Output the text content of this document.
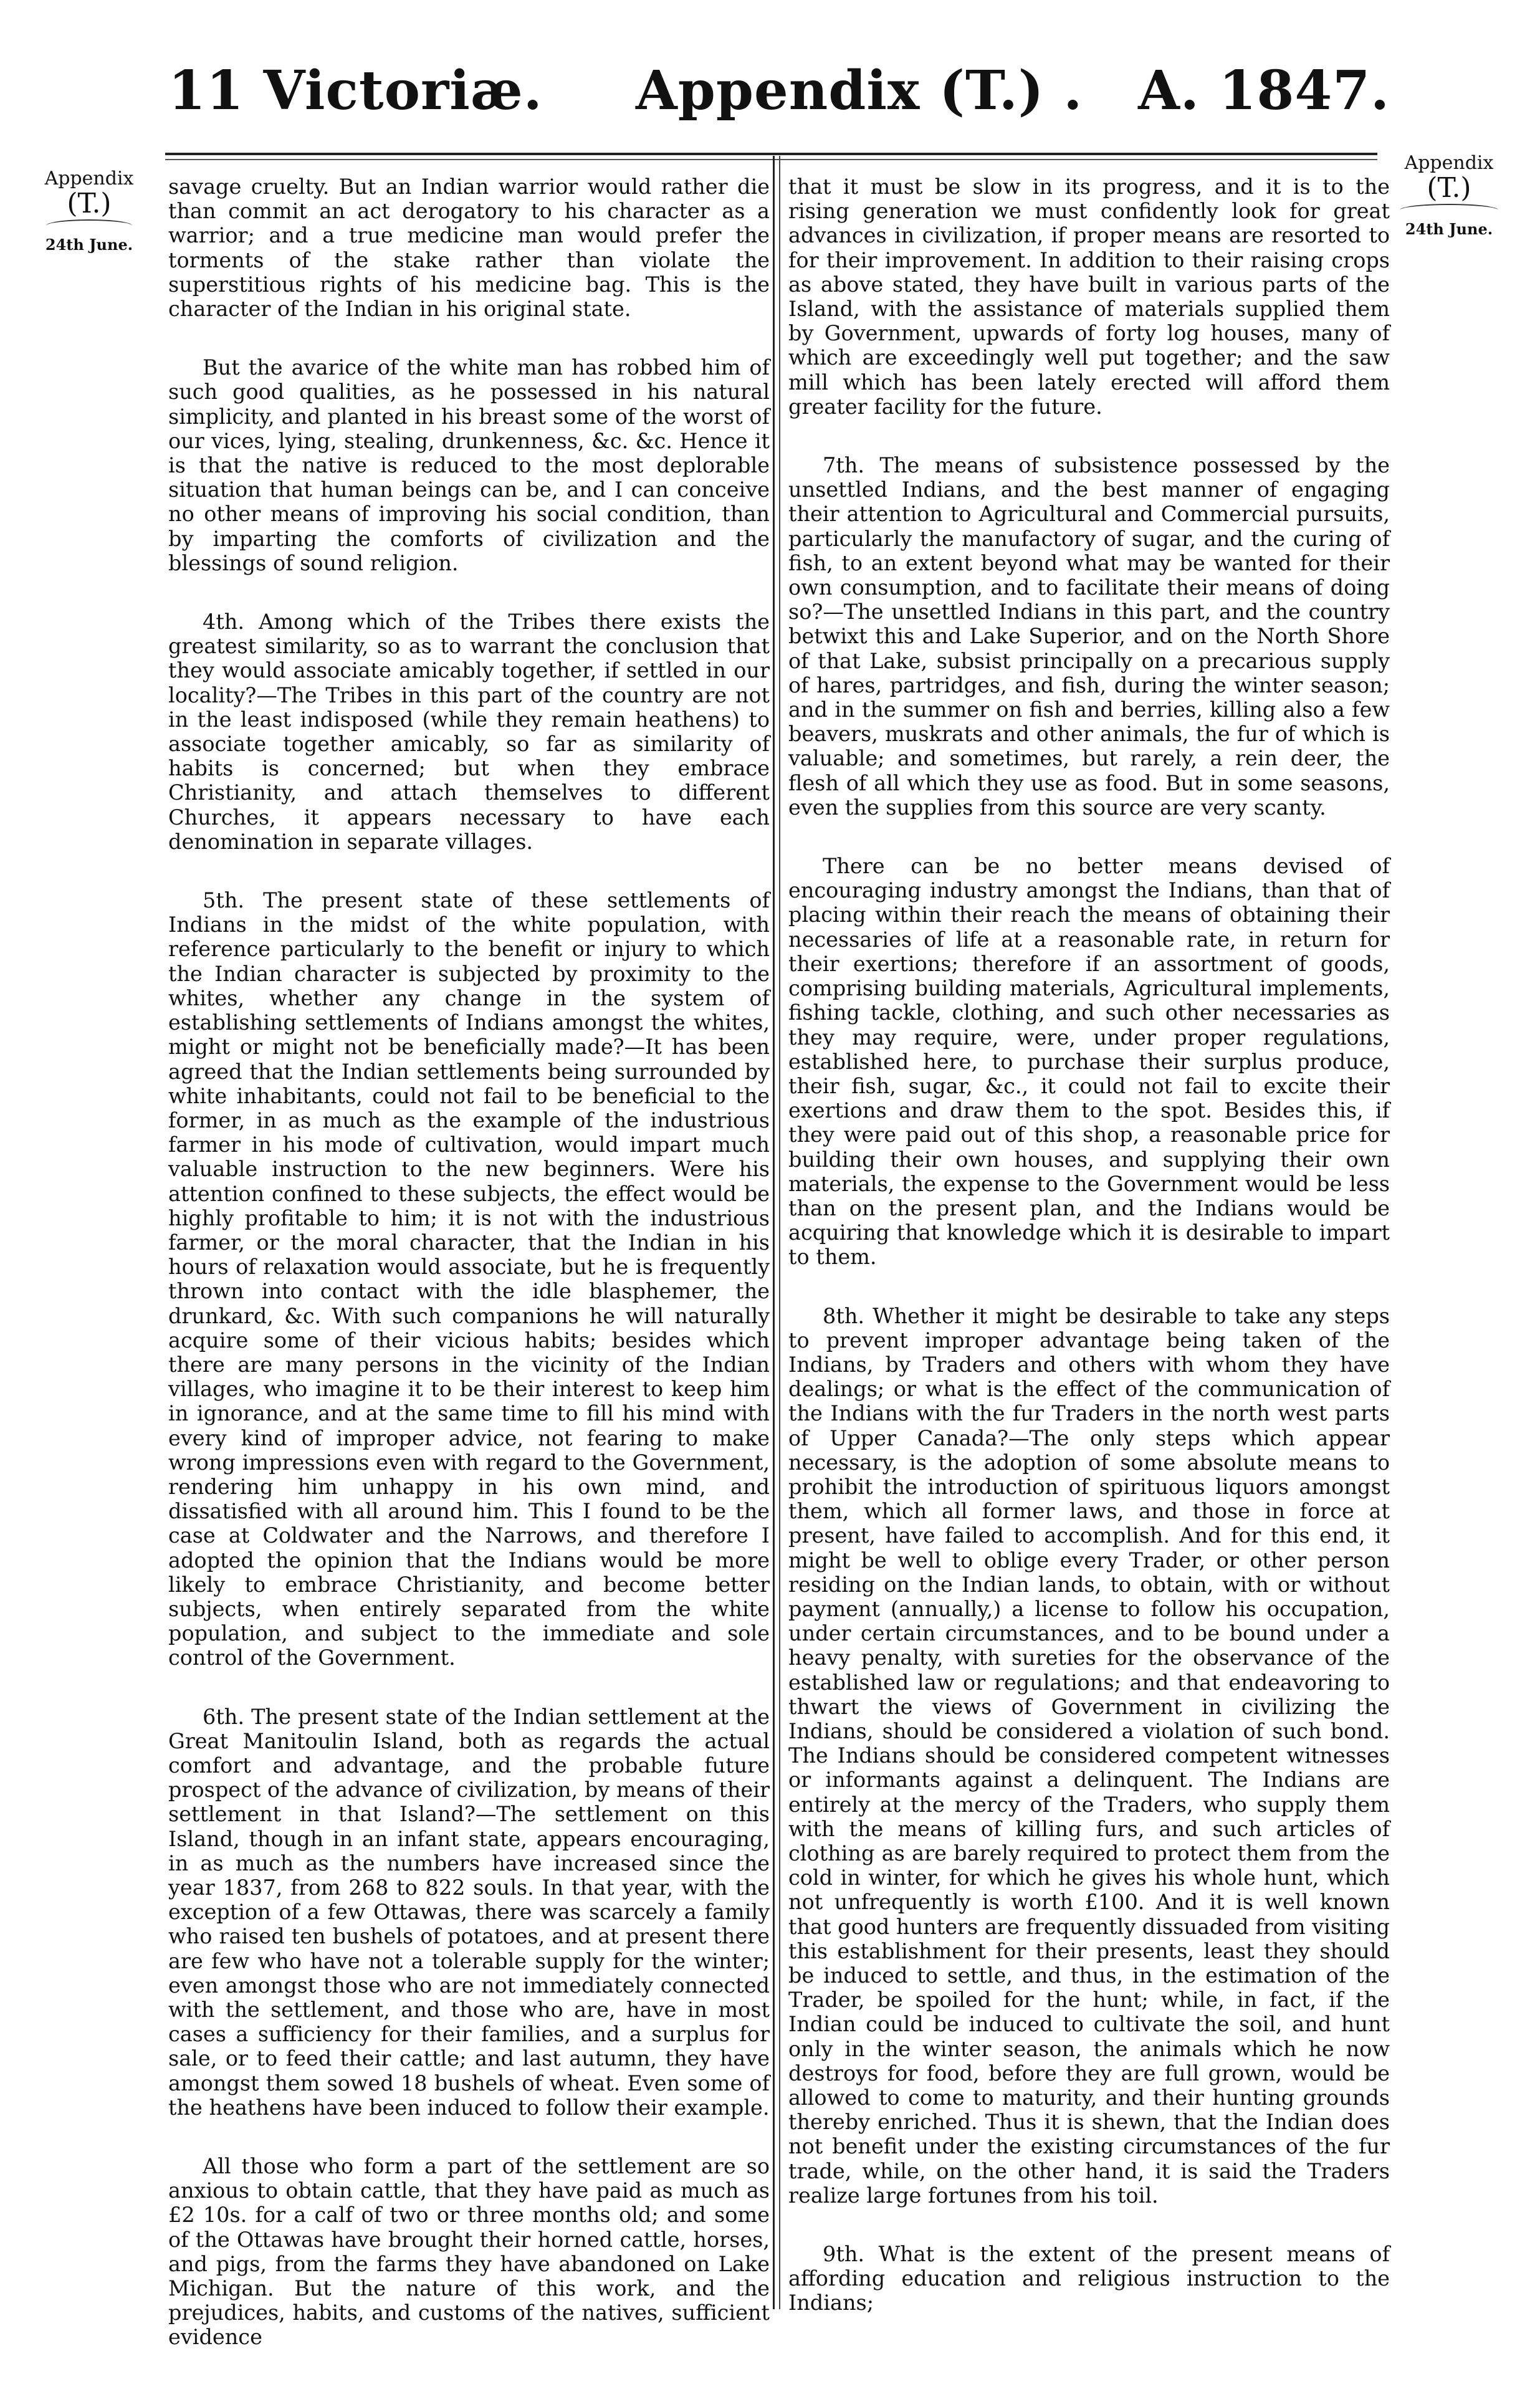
11 Victoriæ. Appendix (T.) . A. 1847.
Appendix
(T.)
24th June.
Appendix
(T.)
24th June.

savage cruelty. But an Indian warrior would rather die than commit an act derogatory to his character as a warrior; and a true medicine man would prefer the torments of the stake rather than violate the superstitious rights of his medicine bag. This is the character of the Indian in his original state.

But the avarice of the white man has robbed him of such good qualities, as he possessed in his natural simplicity, and planted in his breast some of the worst of our vices, lying, stealing, drunkenness, &c. &c. Hence it is that the native is reduced to the most deplorable situation that human beings can be, and I can conceive no other means of improving his social condition, than by imparting the comforts of civilization and the blessings of sound religion.

4th. Among which of the Tribes there exists the greatest similarity, so as to warrant the conclusion that they would associate amicably together, if settled in our locality?—The Tribes in this part of the country are not in the least indisposed (while they remain heathens) to associate together amicably, so far as similarity of habits is concerned; but when they embrace Christianity, and attach themselves to different Churches, it appears necessary to have each denomination in separate villages.

5th. The present state of these settlements of Indians in the midst of the white population, with reference particularly to the benefit or injury to which the Indian character is subjected by proximity to the whites, whether any change in the system of establishing settlements of Indians amongst the whites, might or might not be beneficially made?—It has been agreed that the Indian settlements being surrounded by white inhabitants, could not fail to be beneficial to the former, in as much as the example of the industrious farmer in his mode of cultivation, would impart much valuable instruction to the new beginners. Were his attention confined to these subjects, the effect would be highly profitable to him; it is not with the industrious farmer, or the moral character, that the Indian in his hours of relaxation would associate, but he is frequently thrown into contact with the idle blasphemer, the drunkard, &c. With such companions he will naturally acquire some of their vicious habits; besides which there are many persons in the vicinity of the Indian villages, who imagine it to be their interest to keep him in ignorance, and at the same time to fill his mind with every kind of improper advice, not fearing to make wrong impressions even with regard to the Government, rendering him unhappy in his own mind, and dissatisfied with all around him. This I found to be the case at Coldwater and the Narrows, and therefore I adopted the opinion that the Indians would be more likely to embrace Christianity, and become better subjects, when entirely separated from the white population, and subject to the immediate and sole control of the Government.

6th. The present state of the Indian settlement at the Great Manitoulin Island, both as regards the actual comfort and advantage, and the probable future prospect of the advance of civilization, by means of their settlement in that Island?—The settlement on this Island, though in an infant state, appears encouraging, in as much as the numbers have increased since the year 1837, from 268 to 822 souls. In that year, with the exception of a few Ottawas, there was scarcely a family who raised ten bushels of potatoes, and at present there are few who have not a tolerable supply for the winter; even amongst those who are not immediately connected with the settlement, and those who are, have in most cases a sufficiency for their families, and a surplus for sale, or to feed their cattle; and last autumn, they have amongst them sowed 18 bushels of wheat. Even some of the heathens have been induced to follow their example.

All those who form a part of the settlement are so anxious to obtain cattle, that they have paid as much as £2 10s. for a calf of two or three months old; and some of the Ottawas have brought their horned cattle, horses, and pigs, from the farms they have abandoned on Lake Michigan. But the nature of this work, and the prejudices, habits, and customs of the natives, sufficient evidence

that it must be slow in its progress, and it is to the rising generation we must confidently look for great advances in civilization, if proper means are resorted to for their improvement. In addition to their raising crops as above stated, they have built in various parts of the Island, with the assistance of materials supplied them by Government, upwards of forty log houses, many of which are exceedingly well put together; and the saw mill which has been lately erected will afford them greater facility for the future.

7th. The means of subsistence possessed by the unsettled Indians, and the best manner of engaging their attention to Agricultural and Commercial pursuits, particularly the manufactory of sugar, and the curing of fish, to an extent beyond what may be wanted for their own consumption, and to facilitate their means of doing so?—The unsettled Indians in this part, and the country betwixt this and Lake Superior, and on the North Shore of that Lake, subsist principally on a precarious supply of hares, partridges, and fish, during the winter season; and in the summer on fish and berries, killing also a few beavers, muskrats and other animals, the fur of which is valuable; and sometimes, but rarely, a rein deer, the flesh of all which they use as food. But in some seasons, even the supplies from this source are very scanty.

There can be no better means devised of encouraging industry amongst the Indians, than that of placing within their reach the means of obtaining their necessaries of life at a reasonable rate, in return for their exertions; therefore if an assortment of goods, comprising building materials, Agricultural implements, fishing tackle, clothing, and such other necessaries as they may require, were, under proper regulations, established here, to purchase their surplus produce, their fish, sugar, &c., it could not fail to excite their exertions and draw them to the spot. Besides this, if they were paid out of this shop, a reasonable price for building their own houses, and supplying their own materials, the expense to the Government would be less than on the present plan, and the Indians would be acquiring that knowledge which it is desirable to impart to them.

8th. Whether it might be desirable to take any steps to prevent improper advantage being taken of the Indians, by Traders and others with whom they have dealings; or what is the effect of the communication of the Indians with the fur Traders in the north west parts of Upper Canada?—The only steps which appear necessary, is the adoption of some absolute means to prohibit the introduction of spirituous liquors amongst them, which all former laws, and those in force at present, have failed to accomplish. And for this end, it might be well to oblige every Trader, or other person residing on the Indian lands, to obtain, with or without payment (annually,) a license to follow his occupation, under certain circumstances, and to be bound under a heavy penalty, with sureties for the observance of the established law or regulations; and that endeavoring to thwart the views of Government in civilizing the Indians, should be considered a violation of such bond. The Indians should be considered competent witnesses or informants against a delinquent. The Indians are entirely at the mercy of the Traders, who supply them with the means of killing furs, and such articles of clothing as are barely required to protect them from the cold in winter, for which he gives his whole hunt, which not unfrequently is worth £100. And it is well known that good hunters are frequently dissuaded from visiting this establishment for their presents, least they should be induced to settle, and thus, in the estimation of the Trader, be spoiled for the hunt; while, in fact, if the Indian could be induced to cultivate the soil, and hunt only in the winter season, the animals which he now destroys for food, before they are full grown, would be allowed to come to maturity, and their hunting grounds thereby enriched. Thus it is shewn, that the Indian does not benefit under the existing circumstances of the fur trade, while, on the other hand, it is said the Traders realize large fortunes from his toil.

9th. What is the extent of the present means of affording education and religious instruction to the Indians;
